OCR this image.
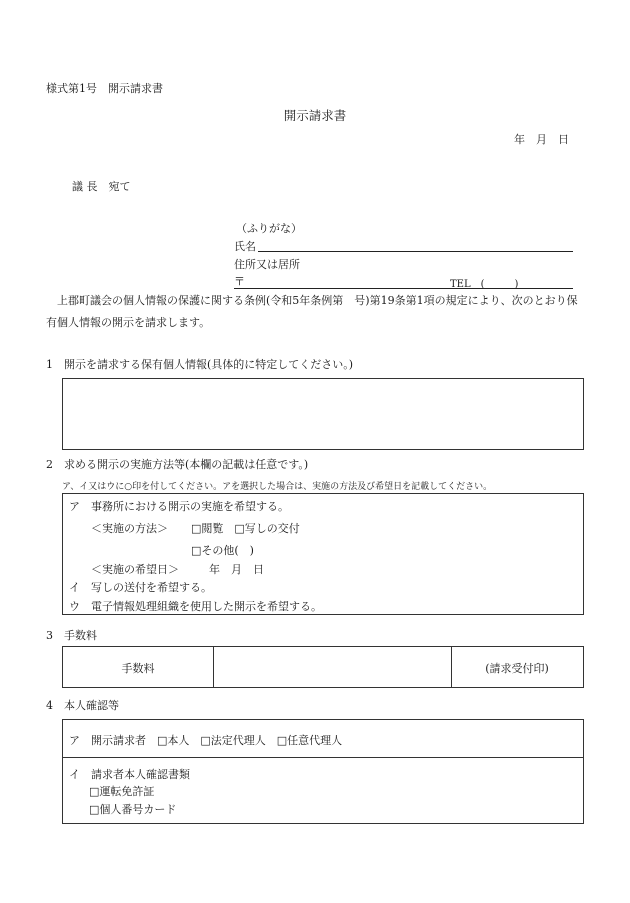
様式第1号　開示請求書
開示請求書
年　月　日
議 長　宛て
（ふりがな）
氏名
住所又は居所
〒	TEL　(　　　)
上郡町議会の個人情報の保護に関する条例(令和5年条例第　号)第19条第1項の規定により、次のとおり保有個人情報の開示を請求します。
1　開示を請求する保有個人情報(具体的に特定してください。)
2　求める開示の実施方法等(本欄の記載は任意です。)
ア、イ又はウに○印を付してください。アを選択した場合は、実施の方法及び希望日を記載してください。
ア　事務所における開示の実施を希望する。
＜実施の方法＞ □閲覧　□写しの交付
□その他(　)
＜実施の希望日＞	年　月　日
イ　写しの送付を希望する。
ウ　電子情報処理組織を使用した開示を希望する。
3　手数料
手数料	(請求受付印)
4　本人確認等
ア　開示請求者　□本人　□法定代理人　□任意代理人
イ　請求者本人確認書類
□運転免許証
□個人番号カード
